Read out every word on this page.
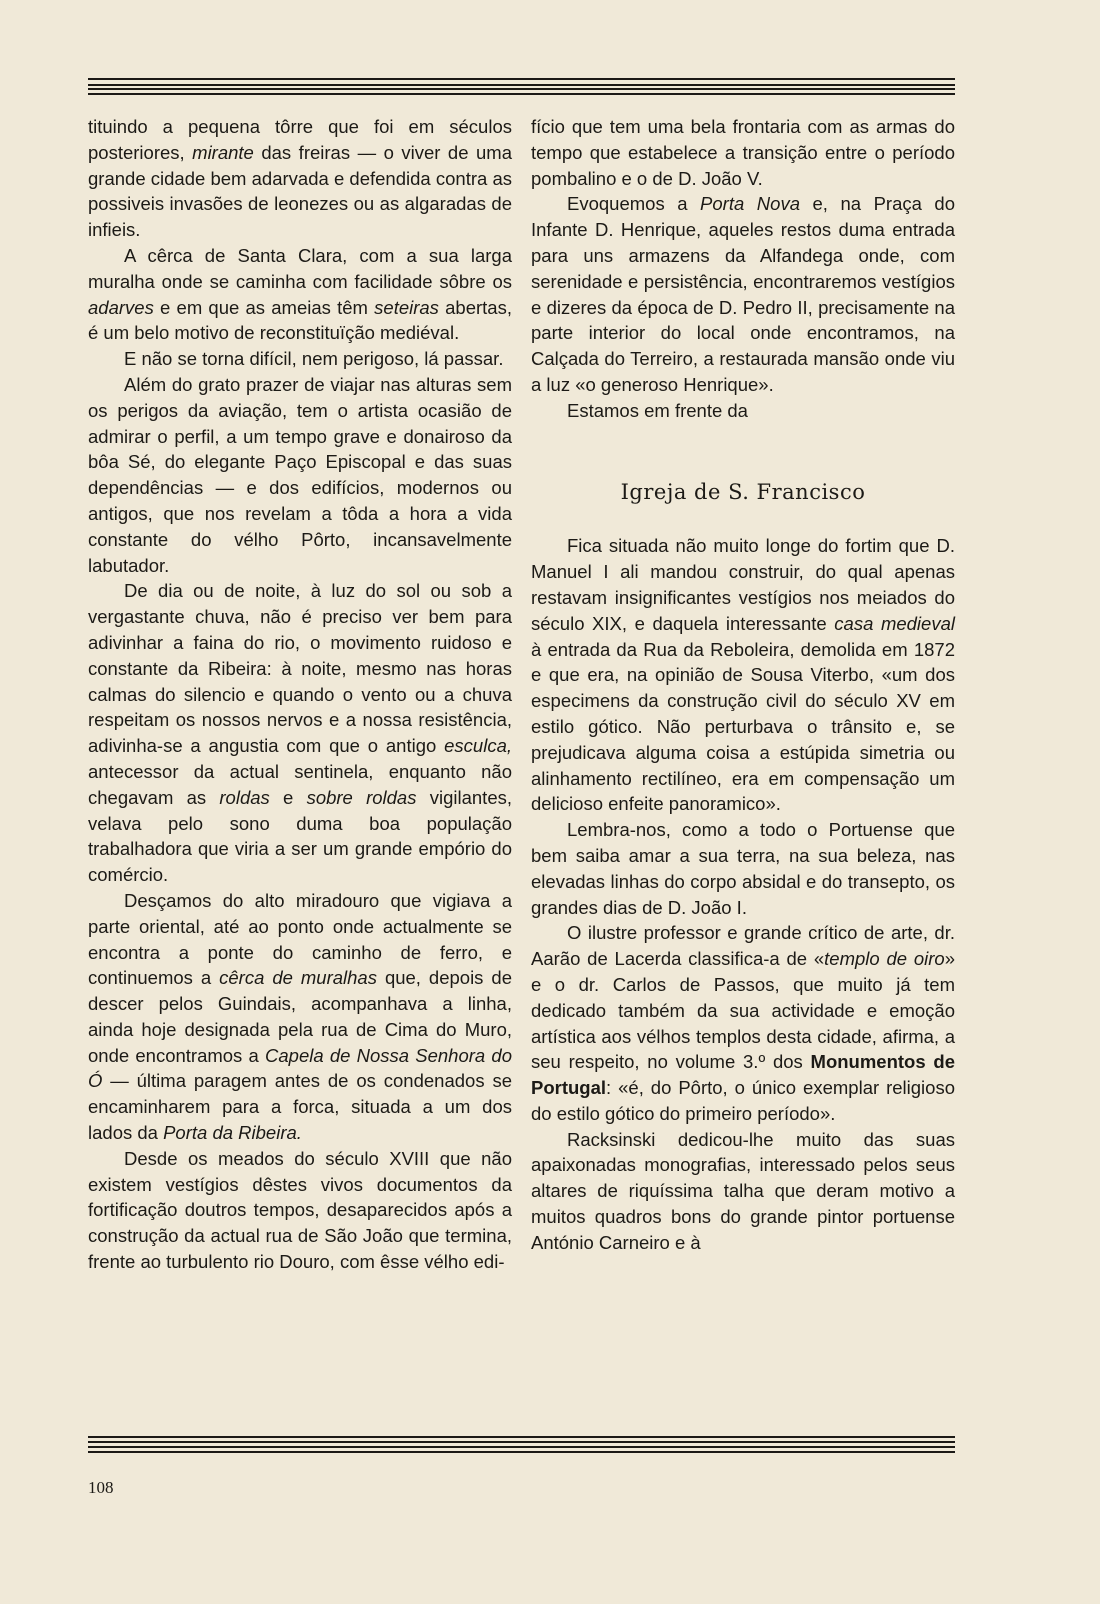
tituindo a pequena tôrre que foi em séculos posteriores, mirante das freiras — o viver de uma grande cidade bem adarvada e defendida contra as possiveis invasões de leonezes ou as algaradas de infieis.

A cêrca de Santa Clara, com a sua larga muralha onde se caminha com facilidade sôbre os adarves e em que as ameias têm seteiras abertas, é um belo motivo de reconstituïção mediéval.

E não se torna difícil, nem perigoso, lá passar.

Além do grato prazer de viajar nas alturas sem os perigos da aviação, tem o artista ocasião de admirar o perfil, a um tempo grave e donairoso da bôa Sé, do elegante Paço Episcopal e das suas dependências — e dos edifícios, modernos ou antigos, que nos revelam a tôda a hora a vida constante do vélho Pôrto, incansavelmente labutador.

De dia ou de noite, à luz do sol ou sob a vergastante chuva, não é preciso ver bem para adivinhar a faina do rio, o movimento ruidoso e constante da Ribeira: à noite, mesmo nas horas calmas do silencio e quando o vento ou a chuva respeitam os nossos nervos e a nossa resistência, adivinha-se a angustia com que o antigo esculca, antecessor da actual sentinela, enquanto não chegavam as roldas e sobre roldas vigilantes, velava pelo sono duma boa população trabalhadora que viria a ser um grande empório do comércio.

Desçamos do alto miradouro que vigiava a parte oriental, até ao ponto onde actualmente se encontra a ponte do caminho de ferro, e continuemos a cêrca de muralhas que, depois de descer pelos Guindais, acompanhava a linha, ainda hoje designada pela rua de Cima do Muro, onde encontramos a Capela de Nossa Senhora do Ó — última paragem antes de os condenados se encaminharem para a forca, situada a um dos lados da Porta da Ribeira.

Desde os meados do século XVIII que não existem vestígios dêstes vivos documentos da fortificação doutros tempos, desaparecidos após a construção da actual rua de São João que termina, frente ao turbulento rio Douro, com êsse vélho edi-

fício que tem uma bela frontaria com as armas do tempo que estabelece a transição entre o período pombalino e o de D. João V.

Evoquemos a Porta Nova e, na Praça do Infante D. Henrique, aqueles restos duma entrada para uns armazens da Alfandega onde, com serenidade e persistência, encontraremos vestígios e dizeres da época de D. Pedro II, precisamente na parte interior do local onde encontramos, na Calçada do Terreiro, a restaurada mansão onde viu a luz «o generoso Henrique».

Estamos em frente da

Igreja de S. Francisco

Fica situada não muito longe do fortim que D. Manuel I ali mandou construir, do qual apenas restavam insignificantes vestígios nos meiados do século XIX, e daquela interessante casa medieval à entrada da Rua da Reboleira, demolida em 1872 e que era, na opinião de Sousa Viterbo, «um dos especimens da construção civil do século XV em estilo gótico. Não perturbava o trânsito e, se prejudicava alguma coisa a estúpida simetria ou alinhamento rectilíneo, era em compensação um delicioso enfeite panoramico».

Lembra-nos, como a todo o Portuense que bem saiba amar a sua terra, na sua beleza, nas elevadas linhas do corpo absidal e do transepto, os grandes dias de D. João I.

O ilustre professor e grande crítico de arte, dr. Aarão de Lacerda classifica-a de «templo de oiro» e o dr. Carlos de Passos, que muito já tem dedicado também da sua actividade e emoção artística aos vélhos templos desta cidade, afirma, a seu respeito, no volume 3.º dos Monumentos de Portugal: «é, do Pôrto, o único exemplar religioso do estilo gótico do primeiro período».

Racksinski dedicou-lhe muito das suas apaixonadas monografias, interessado pelos seus altares de riquíssima talha que deram motivo a muitos quadros bons do grande pintor portuense António Carneiro e à

108
